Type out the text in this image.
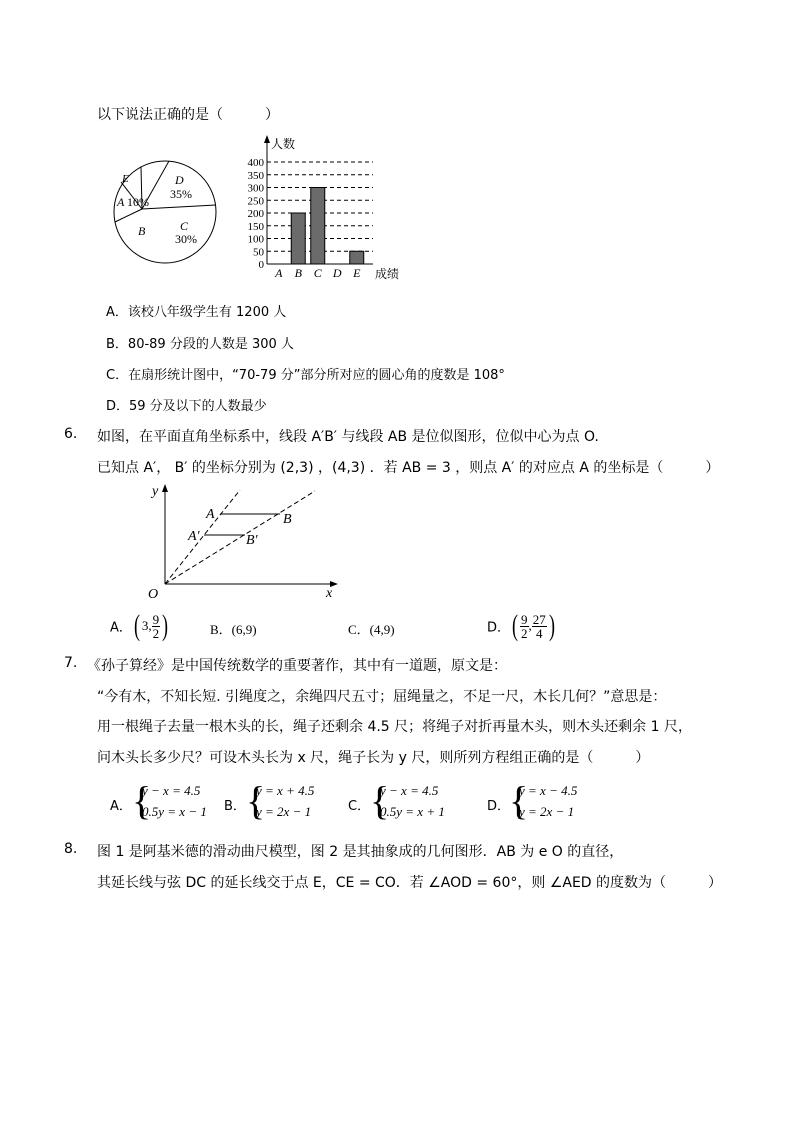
以下说法正确的是（　　　）
E	D
35%
A 10%
B	C
30%
0
50
100
150
200
250
300
350
400
A B C D E
人数
成绩
A．该校八年级学生有 1200 人
B．80-89 分段的人数是 300 人
C．在扇形统计图中，“70-79 分”部分所对应的圆心角的度数是 108°
D．59 分及以下的人数最少
6. 如图，在平面直角坐标系中，线段 A′B′ 与线段 AB 是位似图形，位似中心为点 O.
已知点 A′， B′ 的坐标分别为 (2,3) ，(4,3) ．若 AB = 3 ，则点 A′ 的对应点 A 的坐标是（　　　）
y
x
O
A	B
A′	B′
A．( 3, $\frac{9}{2}$ )	B．(6,9)	C．(4,9)	D．( $\frac{9}{2}$ , $\frac{27}{4}$ )
7. 《孙子算经》是中国传统数学的重要著作，其中有一道题，原文是：
“今有木，不知长短. 引绳度之，余绳四尺五寸；屈绳量之，不足一尺，木长几何？”意思是：
用一根绳子去量一根木头的长，绳子还剩余 4.5 尺；将绳子对折再量木头，则木头还剩余 1 尺，
问木头长多少尺？可设木头长为 x 尺，绳子长为 y 尺，则所列方程组正确的是（　　　）
A． {
y − x = 4.5
0.5y = x − 1 B． {
y = x + 4.5
y = 2x − 1	C． {
y − x = 4.5
0.5y = x + 1	D．
{
y = x − 4.5
y = 2x − 1
8. 图 1 是阿基米德的滑动曲尺模型，图 2 是其抽象成的几何图形．AB 为 e O 的直径，
其延长线与弦 DC 的延长线交于点 E，CE = CO．若 ∠AOD = 60°，则 ∠AED 的度数为（　　　）
